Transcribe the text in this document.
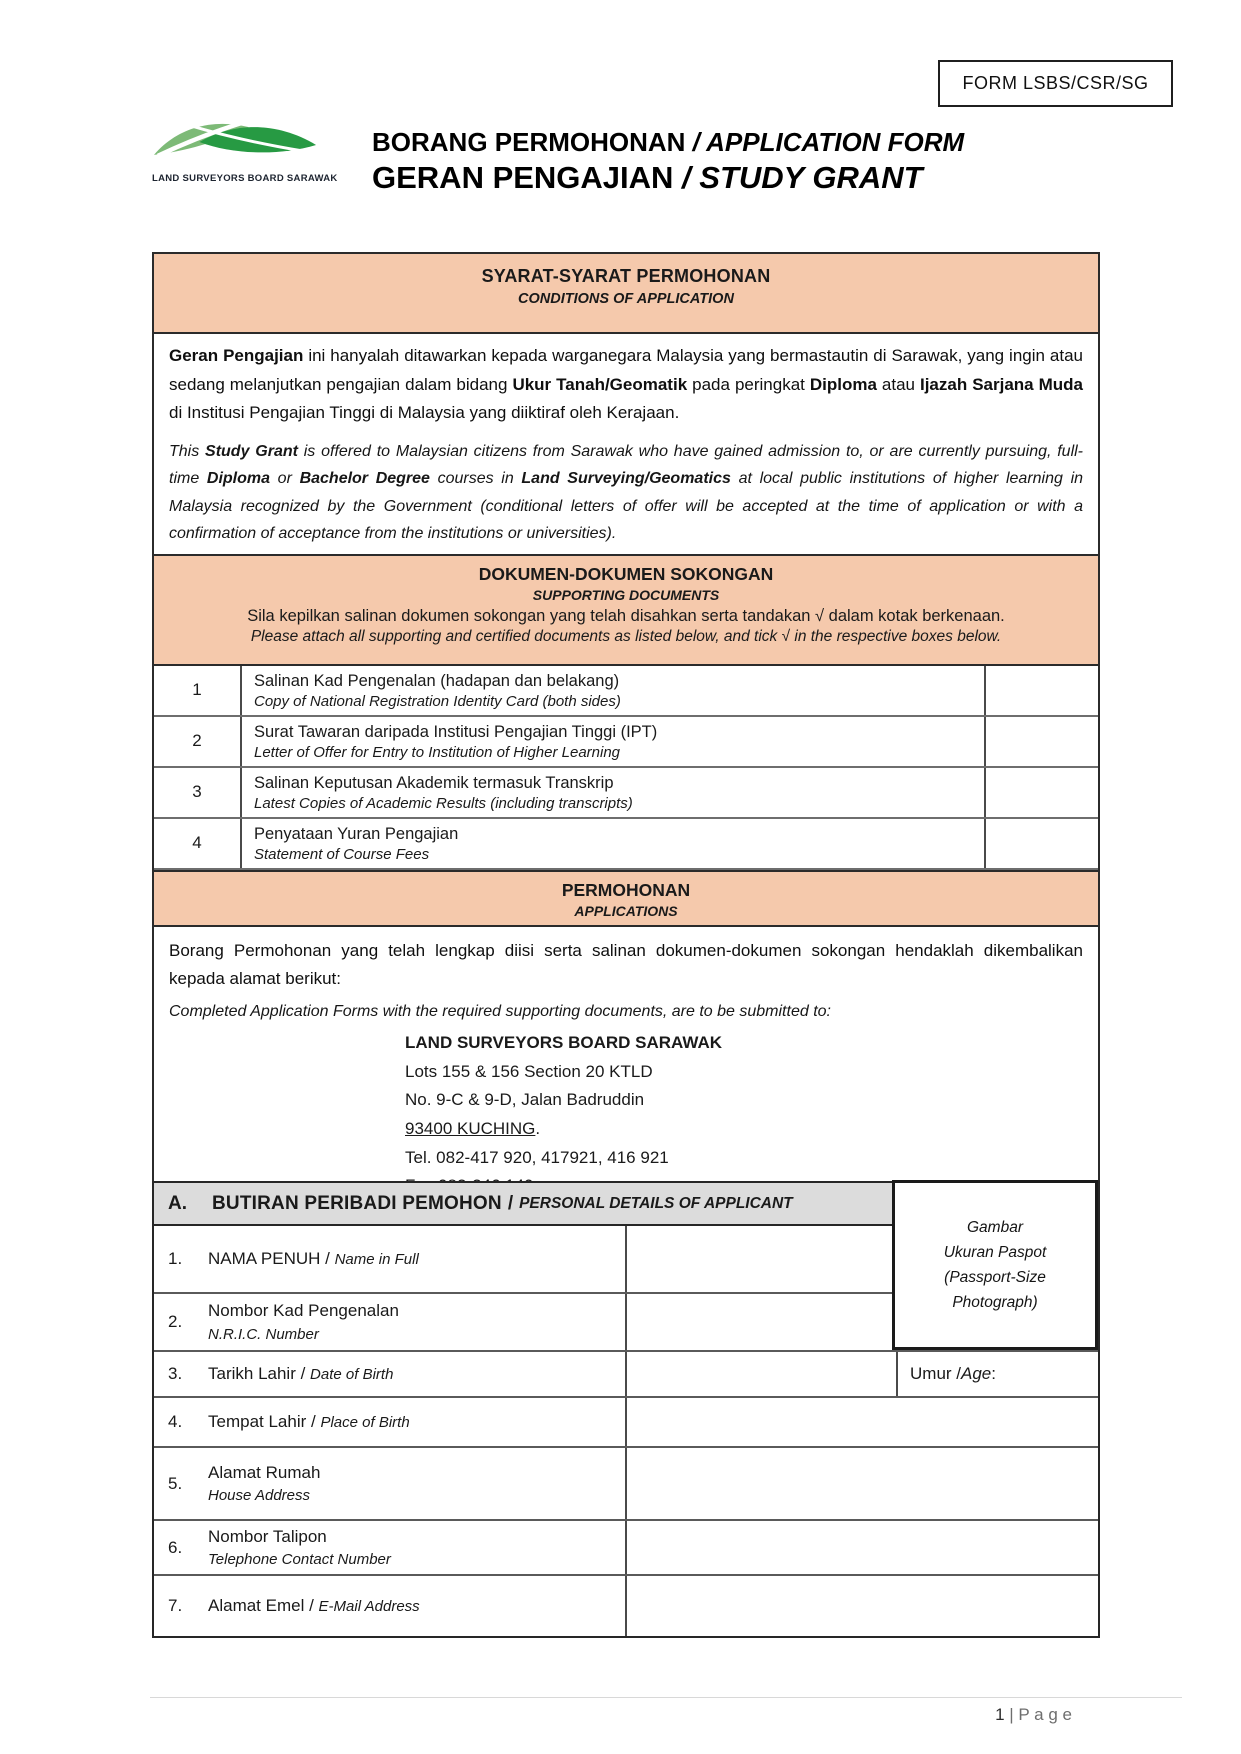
FORM LSBS/CSR/SG
LAND SURVEYORS BOARD SARAWAK
BORANG PERMOHONAN / APPLICATION FORM
GERAN PENGAJIAN / STUDY GRANT
SYARAT-SYARAT PERMOHONAN
CONDITIONS OF APPLICATION

Geran Pengajian ini hanyalah ditawarkan kepada warganegara Malaysia yang bermastautin di Sarawak, yang ingin atau sedang melanjutkan pengajian dalam bidang Ukur Tanah/Geomatik pada peringkat Diploma atau Ijazah Sarjana Muda di Institusi Pengajian Tinggi di Malaysia yang diiktiraf oleh Kerajaan.

This Study Grant is offered to Malaysian citizens from Sarawak who have gained admission to, or are currently pursuing, full-time Diploma or Bachelor Degree courses in Land Surveying/Geomatics at local public institutions of higher learning in Malaysia recognized by the Government (conditional letters of offer will be accepted at the time of application or with a confirmation of acceptance from the institutions or universities).

DOKUMEN-DOKUMEN SOKONGAN
SUPPORTING DOCUMENTS
Sila kepilkan salinan dokumen sokongan yang telah disahkan serta tandakan √ dalam kotak berkenaan.
Please attach all supporting and certified documents as listed below, and tick √ in the respective boxes below.
1	Salinan Kad Pengenalan (hadapan dan belakang)
Copy of National Registration Identity Card (both sides)
2	Surat Tawaran daripada Institusi Pengajian Tinggi (IPT)
Letter of Offer for Entry to Institution of Higher Learning
3	Salinan Keputusan Akademik termasuk Transkrip
Latest Copies of Academic Results (including transcripts)
4	Penyataan Yuran Pengajian
Statement of Course Fees
PERMOHONAN
APPLICATIONS

Borang Permohonan yang telah lengkap diisi serta salinan dokumen-dokumen sokongan hendaklah dikembalikan kepada alamat berikut:

Completed Application Forms with the required supporting documents, are to be submitted to:

LAND SURVEYORS BOARD SARAWAK
Lots 155 & 156 Section 20 KTLD
No. 9-C & 9-D, Jalan Badruddin
93400 KUCHING.
Tel. 082-417 920, 417921, 416 921
A.	BUTIRAN PERIBADI PEMOHON / PERSONAL DETAILS OF APPLICANT
1.	NAMA PENUH / Name in Full
2.
Nombor Kad Pengenalan
N.R.I.C. Number
3.	Tarikh Lahir / Date of Birth	Umur / Age :
4.	Tempat Lahir / Place of Birth
5.
Alamat Rumah
House Address
6.
Nombor Talipon
Telephone Contact Number
7.	Alamat Emel / E-Mail Address
Gambar
Ukuran Paspot
(Passport-Size
Photograph)
1 | P a g e
